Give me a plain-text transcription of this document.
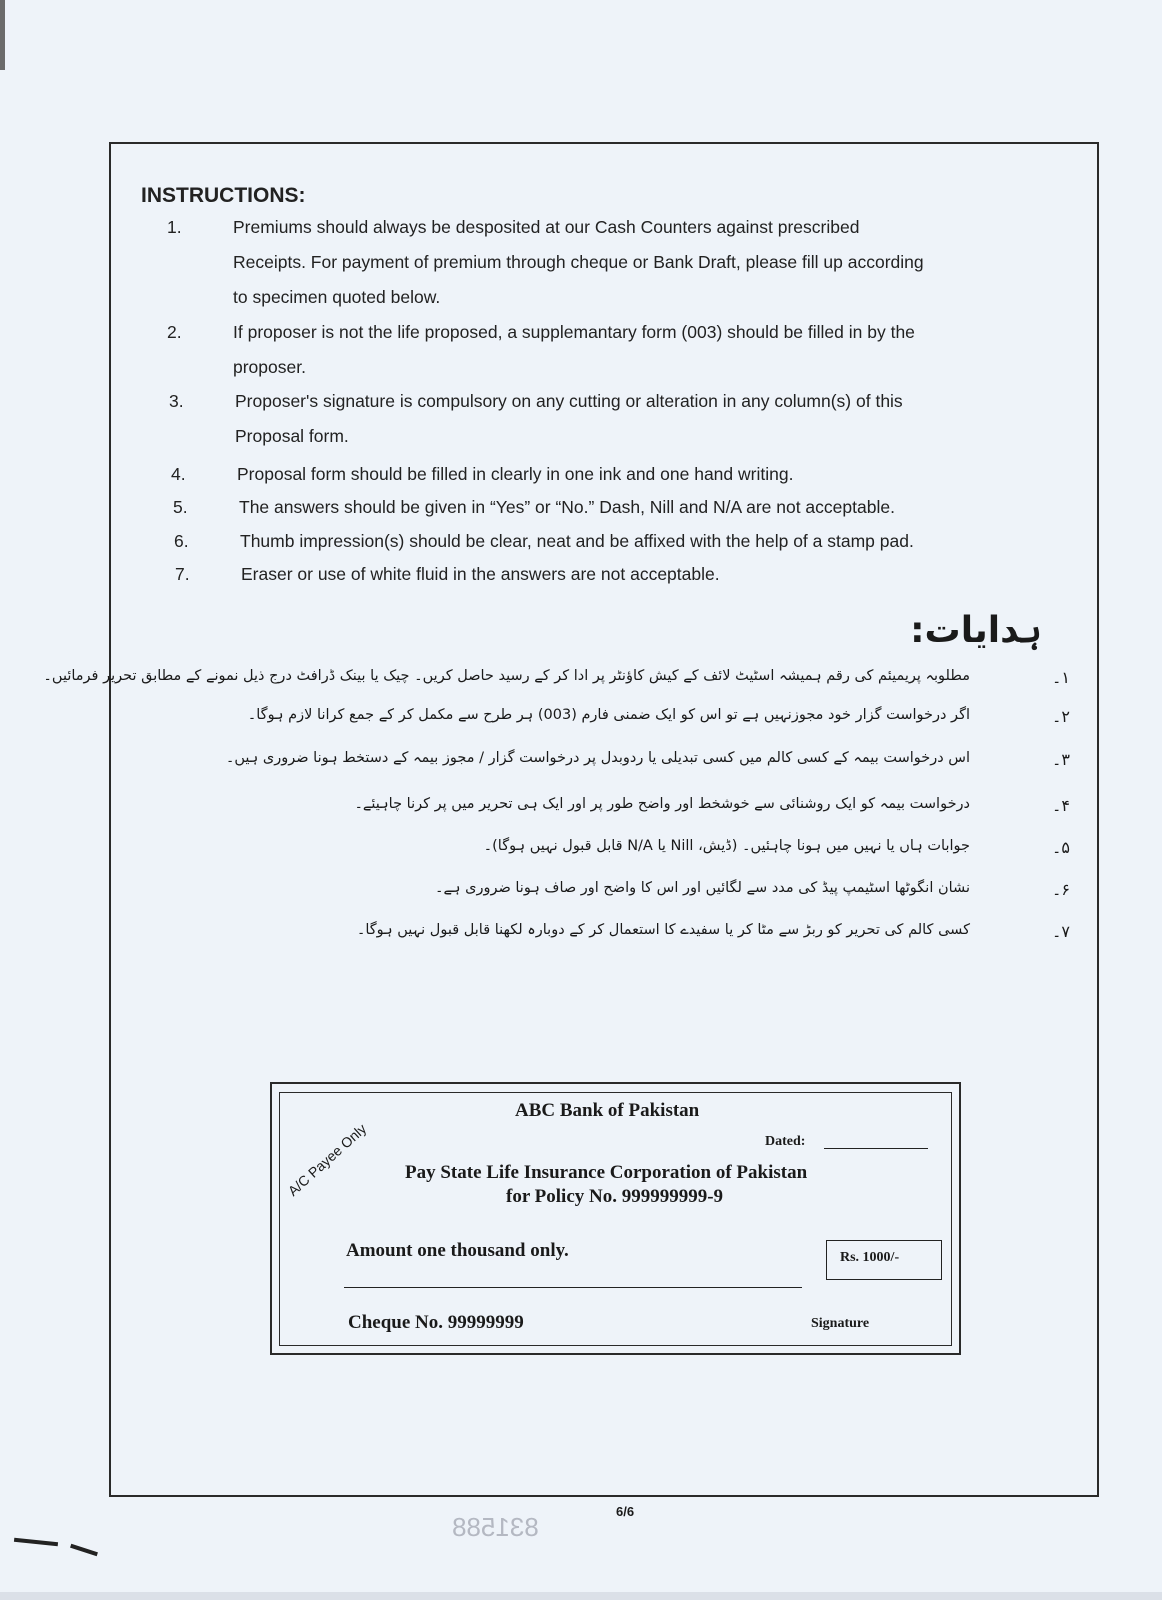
INSTRUCTIONS:
1.	Premiums should always be desposited at our Cash Counters against prescribed
Receipts. For payment of premium through cheque or Bank Draft, please fill up according
to specimen quoted below.
2.	If proposer is not the life proposed, a supplemantary form (003) should be filled in by the
proposer.
3.	Proposer's signature is compulsory on any cutting or alteration in any column(s) of this
Proposal form.
4.	Proposal form should be filled in clearly in one ink and one hand writing.
5.	The answers should be given in “Yes” or “No.” Dash, Nill and N/A are not acceptable.
6.	Thumb impression(s) should be clear, neat and be affixed with the help of a stamp pad.
7.	Eraser or use of white fluid in the answers are not acceptable.
ہدایات:
۱۔
مطلوبہ پریمیئم کی رقم ہمیشہ اسٹیٹ لائف کے کیش کاؤنٹر پر ادا کر کے رسید حاصل کریں۔ چیک یا بینک ڈرافٹ درج ذیل نمونے کے مطابق تحریر فرمائیں۔
۲۔
اگر درخواست گزار خود مجوزنہیں ہے تو اس کو ایک ضمنی فارم (003) ہر طرح سے مکمل کر کے جمع کرانا لازم ہوگا۔
۳۔
اس درخواست بیمہ کے کسی کالم میں کسی تبدیلی یا ردوبدل پر درخواست گزار / مجوز بیمہ کے دستخط ہونا ضروری ہیں۔
۴۔
درخواست بیمہ کو ایک روشنائی سے خوشخط اور واضح طور پر اور ایک ہی تحریر میں پر کرنا چاہیئے۔
۵۔
جوابات ہاں یا نہیں میں ہونا چاہئیں۔ (ڈیش، Nill یا N/A قابل قبول نہیں ہوگا)۔
۶۔
نشان انگوٹھا اسٹیمپ پیڈ کی مدد سے لگائیں اور اس کا واضح اور صاف ہونا ضروری ہے۔
۷۔
کسی کالم کی تحریر کو ربڑ سے مٹا کر یا سفیدے کا استعمال کر کے دوبارہ لکھنا قابل قبول نہیں ہوگا۔
ABC Bank of Pakistan
Dated:
A/C Payee Only Pay State Life Insurance Corporation of Pakistan
for Policy No. 999999999-9
Amount one thousand only.	Rs. 1000/-
Cheque No. 99999999	Signature
6/6
831588
